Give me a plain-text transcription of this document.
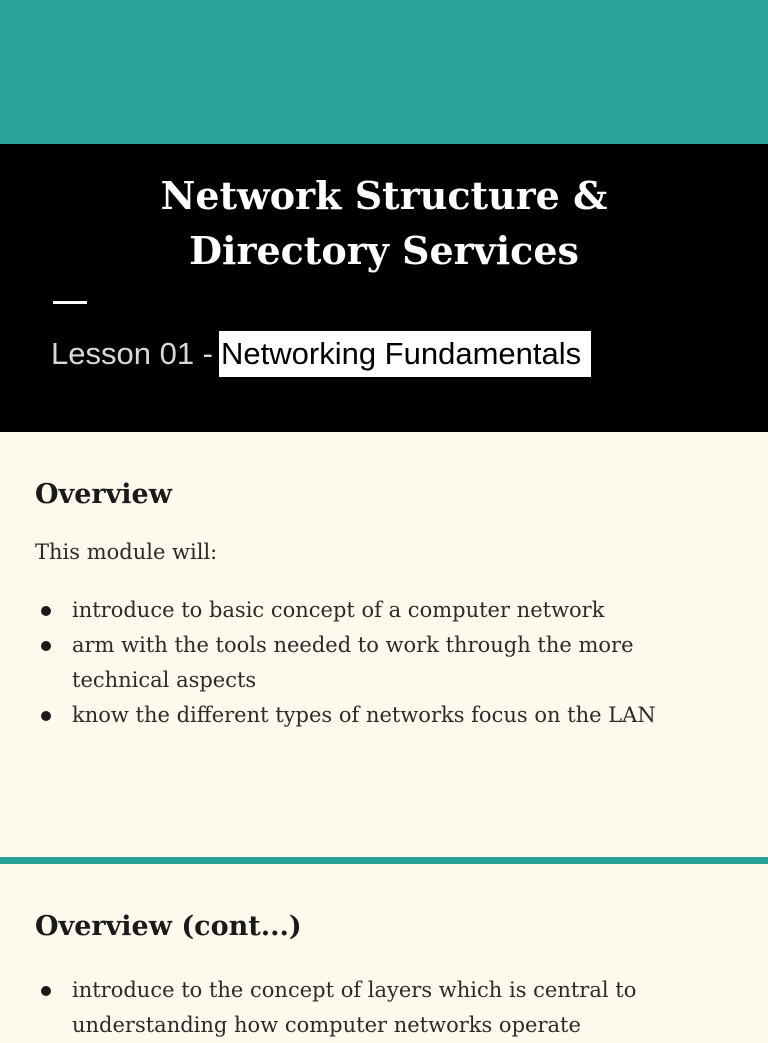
Network Structure &
Directory Services
Lesson 01 - Networking Fundamentals
Overview

This module will:

introduce to basic concept of a computer network
arm with the tools needed to work through the more technical aspects
know the different types of networks focus on the LAN
Overview (cont...)
introduce to the concept of layers which is central to understanding how computer networks operate
